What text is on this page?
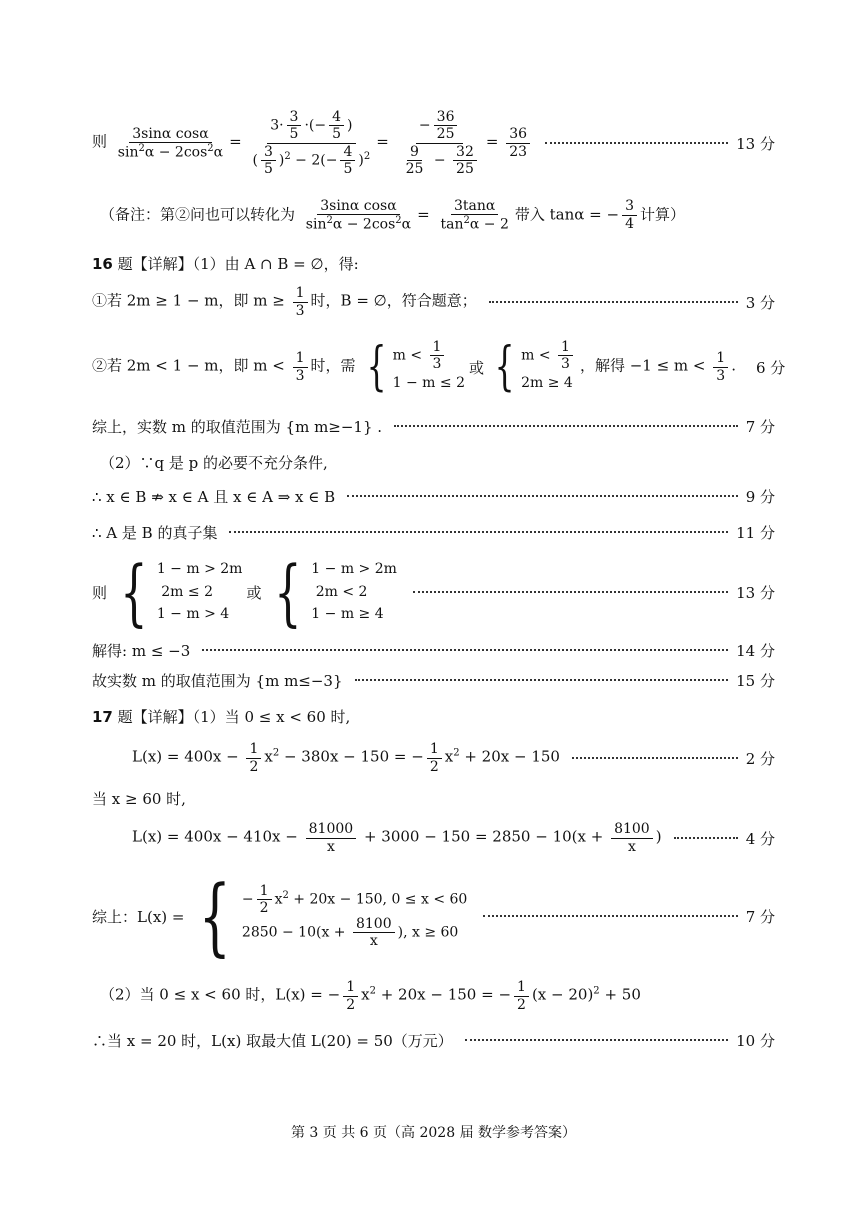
则 $\frac{\text{3sinα cosα}}{\sin^2\alpha - 2\cos^2\alpha} = \frac{3\cdot \frac{3}{5} \cdot(- \frac{4}{5} )}{( \frac{3}{5} )^2 - 2(- \frac{4}{5} )^2} = \frac{- \frac{36}{25}}{\frac{9}{25} - \frac{32}{25}} = \frac{36}{23}$	13 分
（备注：第②问也可以转化为 $\frac{\text{3sinα cosα}}{\sin^2\alpha - 2\cos^2\alpha} = \frac{3\tan\alpha}{\tan^2\alpha - 2}$ 带入 tanα = − $\frac{3}{4}$ 计算）
16 题【详解】（1）由 A ∩ B = ∅，得:
①若 2m ≥ 1 − m，即 $m \ge \frac{1}{3}$ 时，B = ∅，符合题意；	3 分
②若 2m < 1 − m，即 $m < \frac{1}{3}$ 时，需 { $m < \frac{1}{3}$
1 − m ≤ 2
或 { $m < \frac{1}{3}$
2m ≥ 4
，解得 $-1 \le m < \frac{1}{3}$ . 6 分
综上，实数 m 的取值范围为 {m m≥−1} .	7 分
（2）∵q 是 p 的必要不充分条件,
∴ x ∈ B ⇏ x ∈ A 且 x ∈ A ⇒ x ∈ B	9 分
∴ A 是 B 的真子集	11 分
则 { 1 − m > 2m
2m ≤ 2
1 − m > 4
或 { 1 − m > 2m
2m < 2
1 − m ≥ 4
13 分
解得: m ≤ −3	14 分
故实数 m 的取值范围为 {m m≤−3}	15 分
17 题【详解】（1）当 0 ≤ x < 60 时,
$L(x) = 400x - \frac{1}{2} x^2 - 380x - 150$ = − $\frac{1}{2} x^2 + 20x - 150$	2 分
当 x ≥ 60 时,
$L(x) = 400x - 410x - \frac{81000}{x} + 3000 - 150 = 2850 - 10(x + \frac{8100}{x}$ )	4 分
综上：L(x) = { − $\frac{1}{2} x^2 + 20x - 150$, 0 ≤ x < 60
$2850 - 10(x + \frac{8100}{x}$ ), x ≥ 60
7 分
（2）当 0 ≤ x < 60 时，L(x) = − $\frac{1}{2} x^2 + 20x - 150$ = − $\frac{1}{2} (x - 20)^2 + 50$
∴当 x = 20 时，L(x) 取最大值 L(20) = 50（万元）	10 分
第 3 页 共 6 页（高 2028 届 数学参考答案）
